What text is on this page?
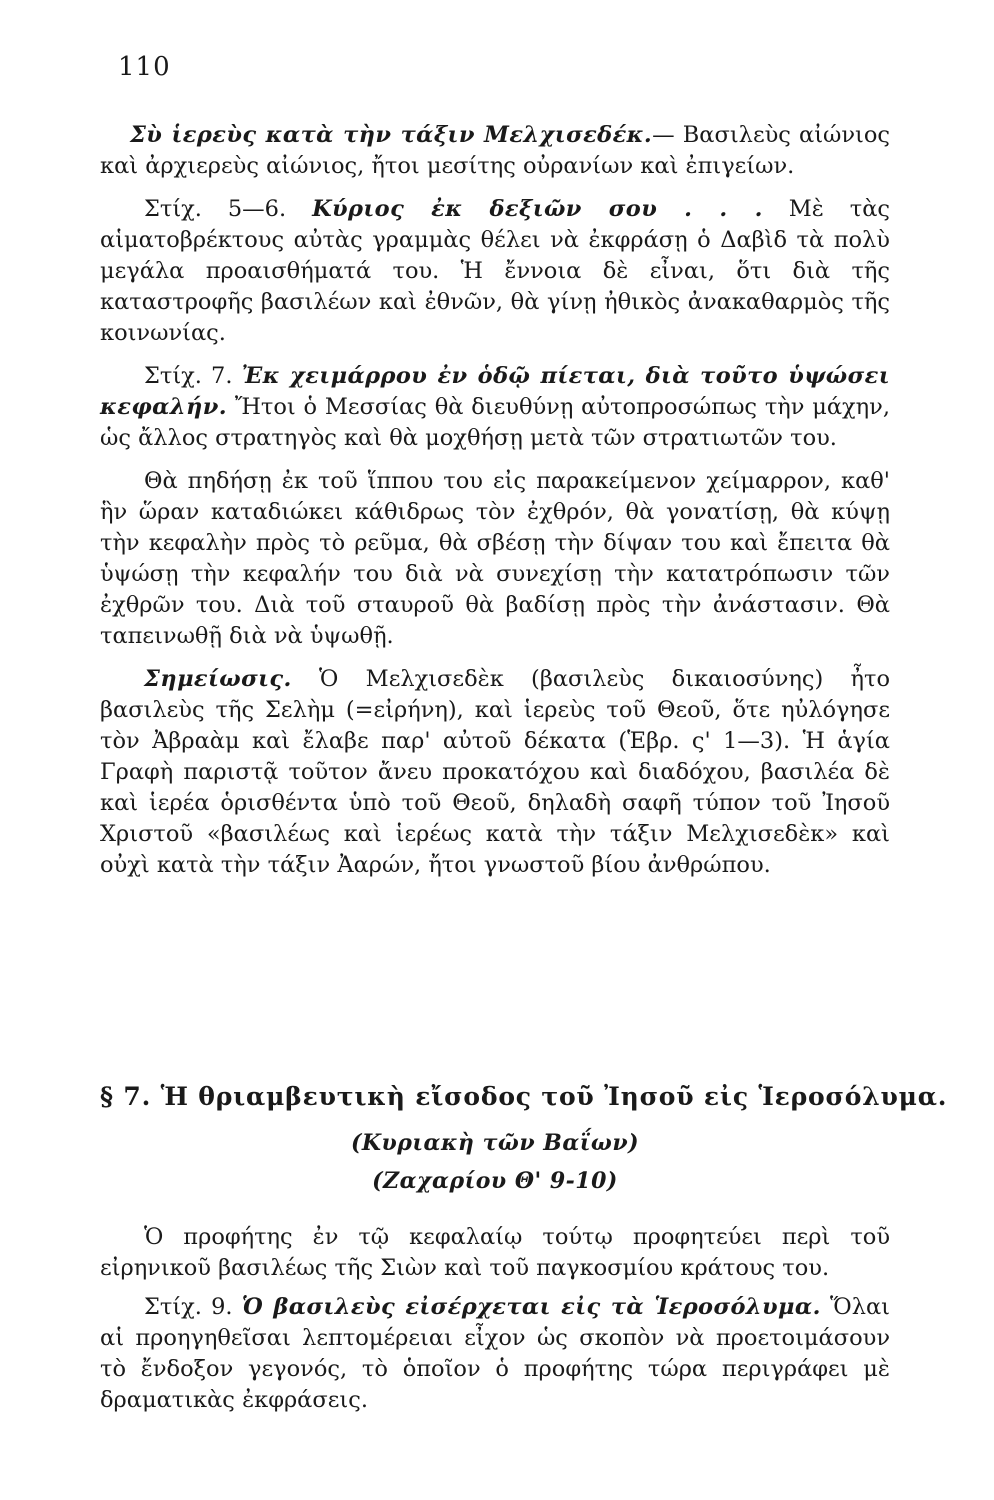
110

Σὺ ἱερεὺς κατὰ τὴν τάξιν Μελχισεδέκ.— Βασιλεὺς αἰώνιος καὶ ἀρχιερεὺς αἰώνιος, ἤτοι μεσίτης οὐρανίων καὶ ἐπιγείων.

Στίχ. 5—6. Κύριος ἐκ δεξιῶν σου . . . Μὲ τὰς αἱματοβρέκτους αὐτὰς γραμμὰς θέλει νὰ ἐκφράσῃ ὁ Δαβὶδ τὰ πολὺ μεγάλα προαισθήματά του. Ἡ ἔννοια δὲ εἶναι, ὅτι διὰ τῆς καταστροφῆς βασιλέων καὶ ἐθνῶν, θὰ γίνῃ ἠθικὸς ἀνακαθαρμὸς τῆς κοινωνίας.

Στίχ. 7. Ἐκ χειμάρρου ἐν ὁδῷ πίεται, διὰ τοῦτο ὑψώσει κεφαλήν. Ἤτοι ὁ Μεσσίας θὰ διευθύνῃ αὐτοπροσώπως τὴν μάχην, ὡς ἄλλος στρατηγὸς καὶ θὰ μοχθήσῃ μετὰ τῶν στρατιωτῶν του.

Θὰ πηδήσῃ ἐκ τοῦ ἵππου του εἰς παρακείμενον χείμαρρον, καθ' ἣν ὥραν καταδιώκει κάθιδρως τὸν ἐχθρόν, θὰ γονατίσῃ, θὰ κύψῃ τὴν κεφαλὴν πρὸς τὸ ρεῦμα, θὰ σβέσῃ τὴν δίψαν του καὶ ἔπειτα θὰ ὑψώσῃ τὴν κεφαλήν του διὰ νὰ συνεχίσῃ τὴν κατατρόπωσιν τῶν ἐχθρῶν του. Διὰ τοῦ σταυροῦ θὰ βαδίσῃ πρὸς τὴν ἀνάστασιν. Θὰ ταπεινωθῇ διὰ νὰ ὑψωθῇ.

Σημείωσις. Ὁ Μελχισεδὲκ (βασιλεὺς δικαιοσύνης) ἦτο βασιλεὺς τῆς Σελὴμ (=εἰρήνη), καὶ ἱερεὺς τοῦ Θεοῦ, ὅτε ηὐλόγησε τὸν Ἀβραὰμ καὶ ἔλαβε παρ' αὐτοῦ δέκατα (Ἑβρ. ς' 1—3). Ἡ ἁγία Γραφὴ παριστᾷ τοῦτον ἄνευ προκατόχου καὶ διαδόχου, βασιλέα δὲ καὶ ἱερέα ὁρισθέντα ὑπὸ τοῦ Θεοῦ, δηλαδὴ σαφῆ τύπον τοῦ Ἰησοῦ Χριστοῦ «βασιλέως καὶ ἱερέως κατὰ τὴν τάξιν Μελχισεδὲκ» καὶ οὐχὶ κατὰ τὴν τάξιν Ἀαρών, ἤτοι γνωστοῦ βίου ἀνθρώπου.

§ 7. Ἡ θριαμβευτικὴ εἴσοδος τοῦ Ἰησοῦ εἰς Ἱεροσόλυμα.
(Κυριακὴ τῶν Βαΐων)
(Ζαχαρίου Θ' 9-10)

Ὁ προφήτης ἐν τῷ κεφαλαίῳ τούτῳ προφητεύει περὶ τοῦ εἰρηνικοῦ βασιλέως τῆς Σιὼν καὶ τοῦ παγκοσμίου κράτους του.

Στίχ. 9. Ὁ βασιλεὺς εἰσέρχεται εἰς τὰ Ἱεροσόλυμα. Ὅλαι αἱ προηγηθεῖσαι λεπτομέρειαι εἶχον ὡς σκοπὸν νὰ προετοιμάσουν τὸ ἔνδοξον γεγονός, τὸ ὁποῖον ὁ προφήτης τώρα περιγράφει μὲ δραματικὰς ἐκφράσεις.
